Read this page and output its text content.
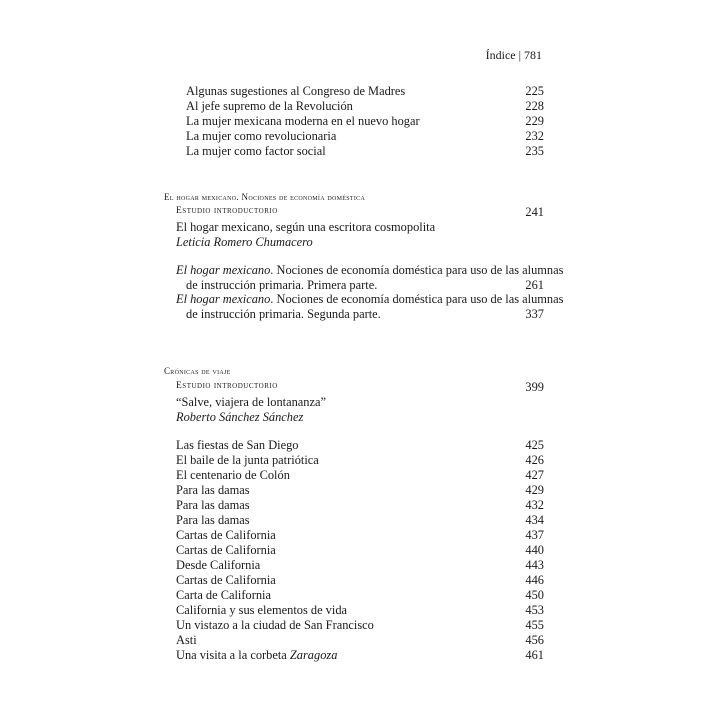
Índice | 781
Algunas sugestiones al Congreso de Madres	225
Al jefe supremo de la Revolución	228
La mujer mexicana moderna en el nuevo hogar	229
La mujer como revolucionaria	232
La mujer como factor social	235
El hogar mexicano. Nociones de economía doméstica
Estudio introductorio	241
El hogar mexicano, según una escritora cosmopolita
Leticia Romero Chumacero
El hogar mexicano. Nociones de economía doméstica para uso de las alumnas
de instrucción primaria. Primera parte.	261
El hogar mexicano. Nociones de economía doméstica para uso de las alumnas
de instrucción primaria. Segunda parte.	337
Crónicas de viaje
Estudio introductorio	399
“Salve, viajera de lontananza”
Roberto Sánchez Sánchez
Las fiestas de San Diego	425
El baile de la junta patriótica	426
El centenario de Colón	427
Para las damas	429
Para las damas	432
Para las damas	434
Cartas de California	437
Cartas de California	440
Desde California	443
Cartas de California	446
Carta de California	450
California y sus elementos de vida	453
Un vistazo a la ciudad de San Francisco	455
Asti	456
Una visita a la corbeta Zaragoza	461
